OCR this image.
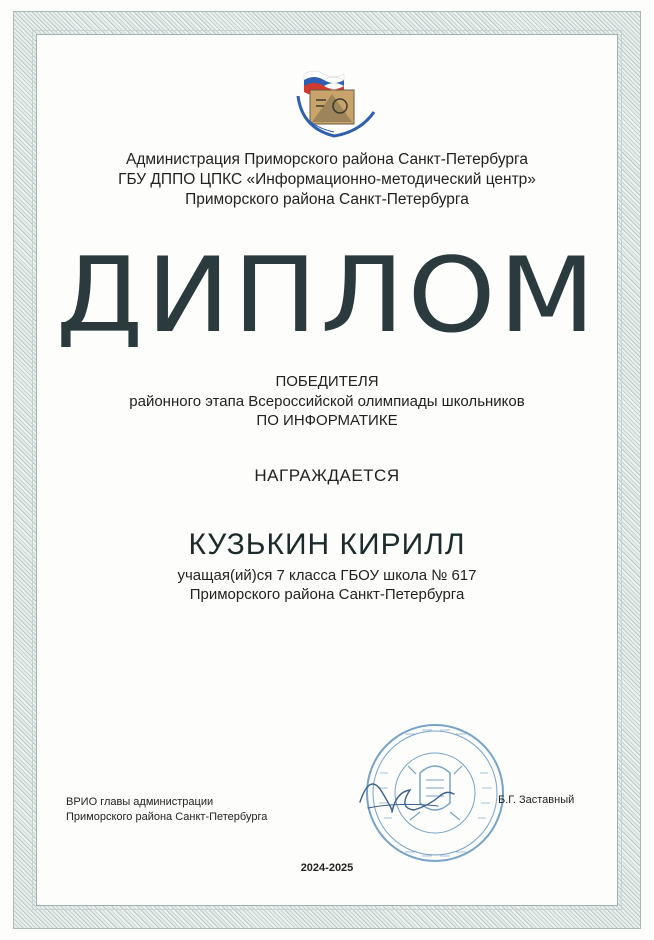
Администрация Приморского района Санкт-Петербурга
ГБУ ДППО ЦПКС «Информационно-методический центр»
Приморского района Санкт-Петербурга
ДИПЛОМ
ПОБЕДИТЕЛЯ
районного этапа Всероссийской олимпиады школьников
ПО ИНФОРМАТИКЕ
НАГРАЖДАЕТСЯ
КУЗЬКИН КИРИЛЛ
учащая(ий)ся 7 класса ГБОУ школа № 617
Приморского района Санкт-Петербурга
ВРИО главы администрации
Приморского района Санкт-Петербурга
Б.Г. Заставный
2024-2025
